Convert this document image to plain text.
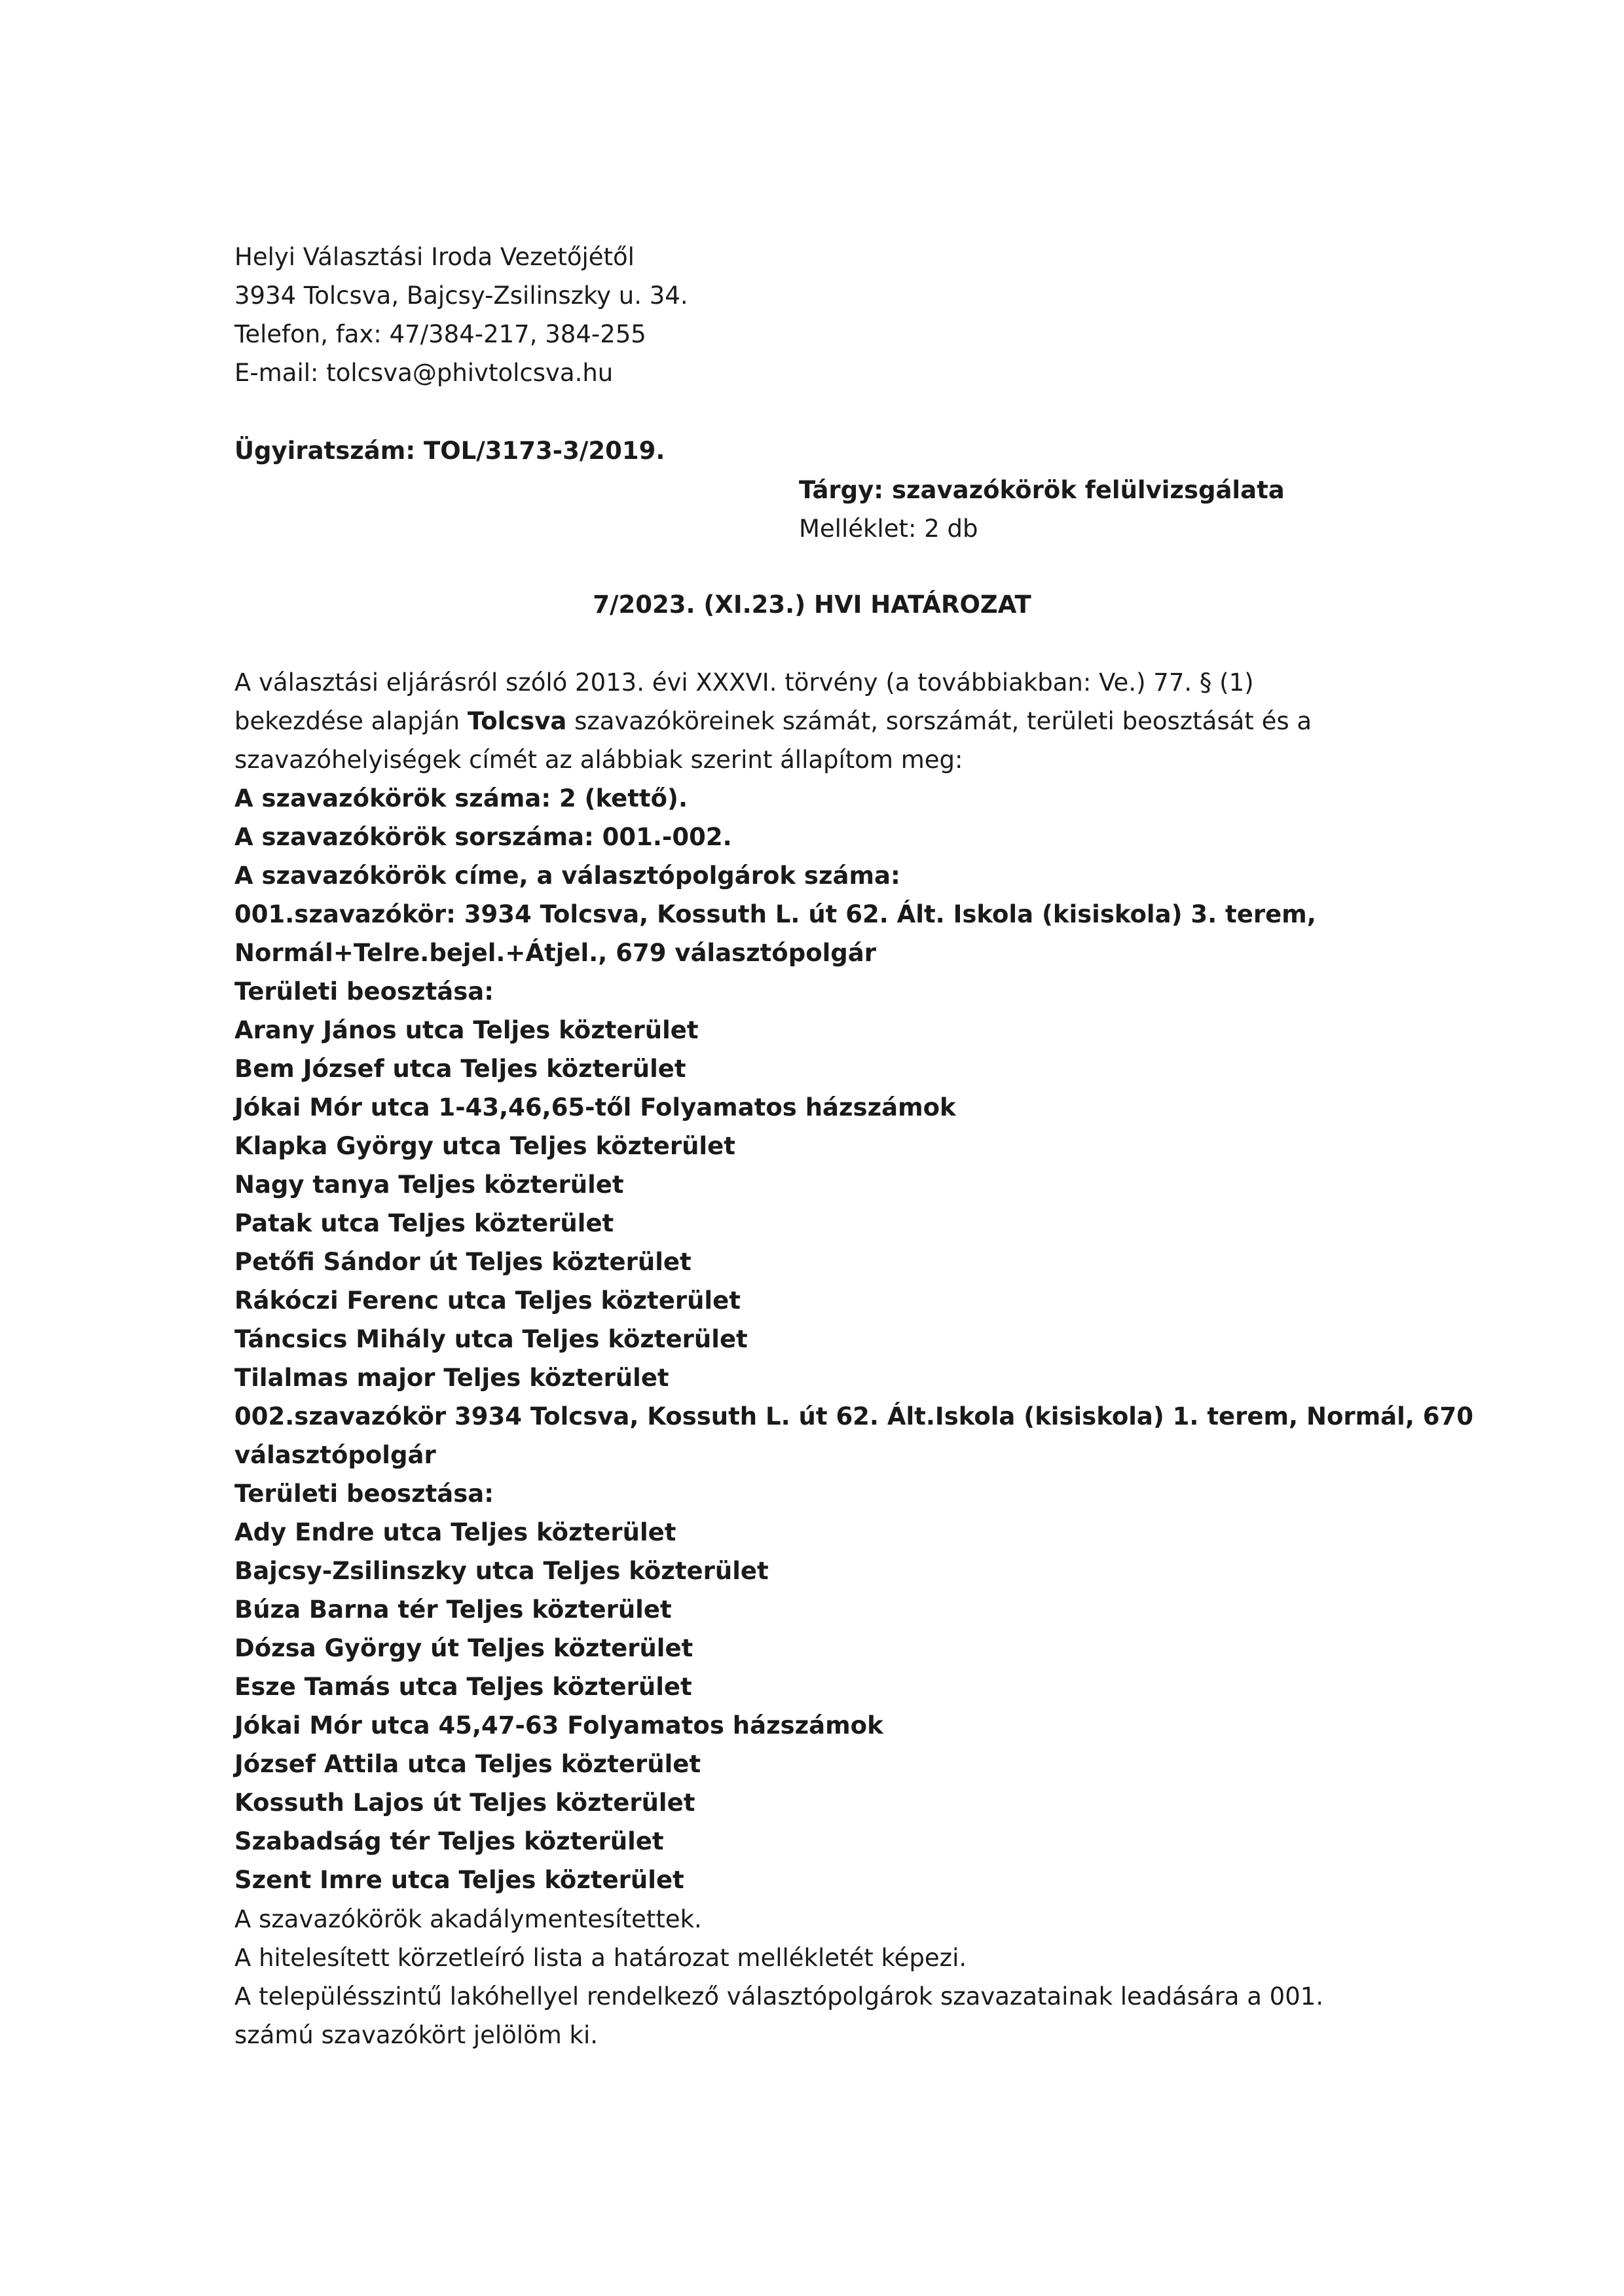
Helyi Választási Iroda Vezetőjétől
3934 Tolcsva, Bajcsy-Zsilinszky u. 34.
Telefon, fax: 47/384-217, 384-255
E-mail: tolcsva@phivtolcsva.hu
Ügyiratszám: TOL/3173-3/2019.
Tárgy: szavazókörök felülvizsgálata
Melléklet: 2 db
7/2023. (XI.23.) HVI HATÁROZAT
A választási eljárásról szóló 2013. évi XXXVI. törvény (a továbbiakban: Ve.) 77. § (1)
bekezdése alapján Tolcsva szavazóköreinek számát, sorszámát, területi beosztását és a
szavazóhelyiségek címét az alábbiak szerint állapítom meg:
A szavazókörök száma: 2 (kettő).
A szavazókörök sorszáma: 001.-002.
A szavazókörök címe, a választópolgárok száma:
001.szavazókör: 3934 Tolcsva, Kossuth L. út 62. Ált. Iskola (kisiskola) 3. terem,
Normál+Telre.bejel.+Átjel., 679 választópolgár
Területi beosztása:
Arany János utca Teljes közterület
Bem József utca Teljes közterület
Jókai Mór utca 1-43,46,65-től Folyamatos házszámok
Klapka György utca Teljes közterület
Nagy tanya Teljes közterület
Patak utca Teljes közterület
Petőfi Sándor út Teljes közterület
Rákóczi Ferenc utca Teljes közterület
Táncsics Mihály utca Teljes közterület
Tilalmas major Teljes közterület
002.szavazókör 3934 Tolcsva, Kossuth L. út 62. Ált.Iskola (kisiskola) 1. terem, Normál, 670
választópolgár
Területi beosztása:
Ady Endre utca Teljes közterület
Bajcsy-Zsilinszky utca Teljes közterület
Búza Barna tér Teljes közterület
Dózsa György út Teljes közterület
Esze Tamás utca Teljes közterület
Jókai Mór utca 45,47-63 Folyamatos házszámok
József Attila utca Teljes közterület
Kossuth Lajos út Teljes közterület
Szabadság tér Teljes közterület
Szent Imre utca Teljes közterület
A szavazókörök akadálymentesítettek.
A hitelesített körzetleíró lista a határozat mellékletét képezi.
A településszintű lakóhellyel rendelkező választópolgárok szavazatainak leadására a 001.
számú szavazókört jelölöm ki.
